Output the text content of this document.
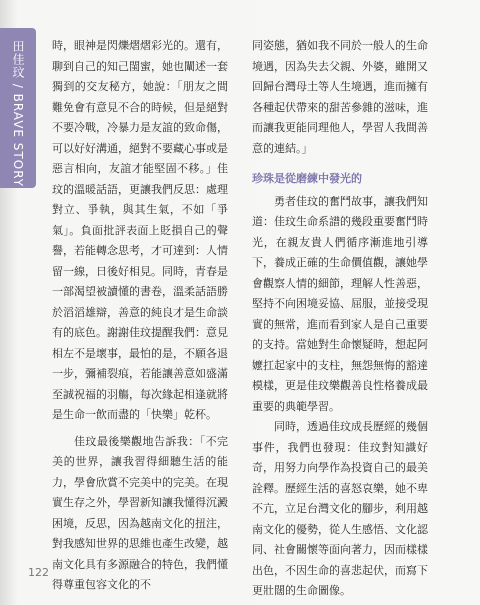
田佳玟 / BRAVE STORY 時，眼神是閃爍熠熠彩光的。還有，聊到自己的知己閨蜜，她也闡述一套獨到的交友秘方，她說：「朋友之間難免會有意見不合的時候，但是絕對不要冷戰，冷暴力是友誼的致命傷，可以好好溝通，絕對不要藏心事或是惡言相向，友誼才能堅固不移。」佳玟的溫暖話語，更讓我們反思：處理對立、爭執，與其生氣，不如「爭氣」。負面批評表面上貶損自己的聲譽，若能轉念思考，才可達到：人情留一線，日後好相見。同時，青春是一部渴望被讀懂的書卷，溫柔話語勝於滔滔雄辯，善意的純良才是生命談有的底色。謝謝佳玟提醒我們：意見相左不是壞事，最怕的是，不願各退一步，彌補裂痕，若能讓善意如盛滿至誠祝福的羽觴，每次緣起相逢就將是生命一飲而盡的「快樂」乾杯。

佳玟最後樂觀地告訴我：「不完美的世界，讓我習得細聽生活的能力，學會欣賞不完美中的完美。在現實生存之外，學習新知讓我懂得沉澱困境，反思，因為越南文化的扭注，對我感知世界的思維也產生改變，越南文化具有多源融合的特色，我們懂得尊重包容文化的不

同姿態，猶如我不同於一般人的生命境遇，因為失去父親、外婆，雖開又回歸台灣母土等人生境遇，進而擁有各種起伏帶來的甜苦參雜的滋味，進而讓我更能同理他人，學習人我間善意的連結。」

珍珠是從磨練中發光的

勇者佳玟的奮鬥故事，讓我們知道：佳玟生命系譜的幾段重要奮鬥時光，在親友貴人們循序漸進地引導下，養成正確的生命價值觀，讓她學會觀察人情的細節，理解人性善惡，堅持不向困境妥協、屈服，並接受現實的無常，進而看到家人是自己重要的支持。當她對生命懷疑時，想起阿嬤扛起家中的支柱，無怨無悔的豁達模樣，更是佳玟樂觀善良性格養成最重要的典範學習。

同時，透過佳玟成長歷經的幾個事件，我們也發現：佳玟對知識好奇，用努力向學作為投資自己的最美詮釋。歷經生活的喜怒哀樂，她不卑不亢，立足台灣文化的腳步，利用越南文化的優勢，從人生感悟、文化認同、社會關懷等面向著力，因而樣樣出色，不因生命的喜悲起伏，而寫下更壯闊的生命圖像。

122
